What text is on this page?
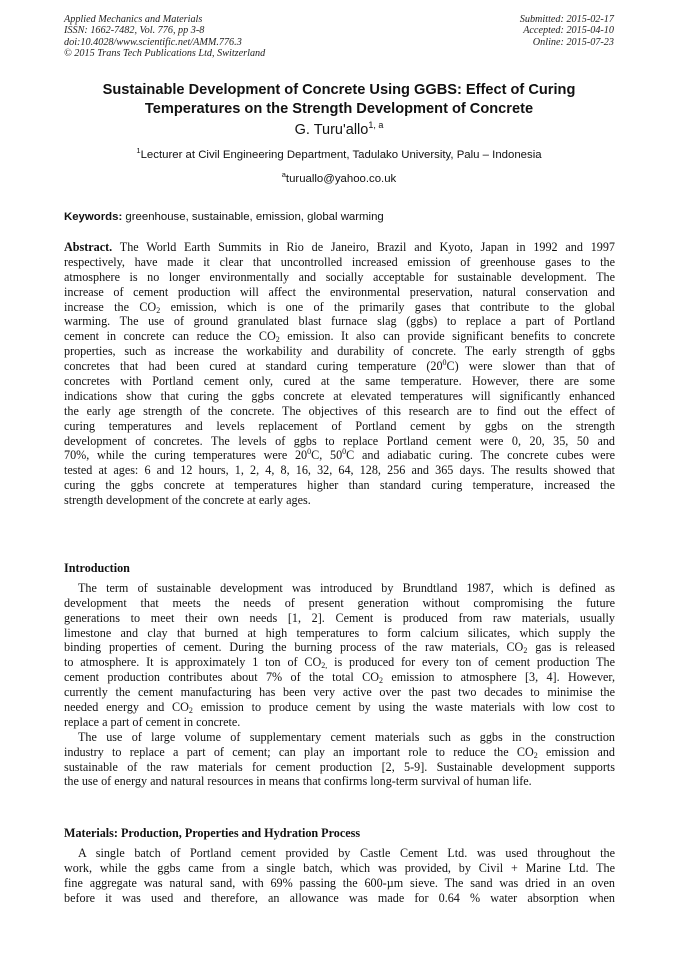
Applied Mechanics and Materials
ISSN: 1662-7482, Vol. 776, pp 3-8
doi:10.4028/www.scientific.net/AMM.776.3
© 2015 Trans Tech Publications Ltd, Switzerland
Submitted: 2015-02-17
Accepted: 2015-04-10
Online: 2015-07-23
Sustainable Development of Concrete Using GGBS: Effect of Curing
Temperatures on the Strength Development of Concrete
G. Turu'allo$^{1, a}$
$^1$Lecturer at Civil Engineering Department, Tadulako University, Palu – Indonesia
$^a$turuallo@yahoo.co.uk
Keywords: greenhouse, sustainable, emission, global warming
Abstract. The World Earth Summits in Rio de Janeiro, Brazil and Kyoto, Japan in 1992 and 1997
respectively, have made it clear that uncontrolled increased emission of greenhouse gases to the
atmosphere is no longer environmentally and socially acceptable for sustainable development. The
increase of cement production will affect the environmental preservation, natural conservation and
increase the $CO_2$ emission, which is one of the primarily gases that contribute to the global
warming. The use of ground granulated blast furnace slag (ggbs) to replace a part of Portland
cement in concrete can reduce the $CO_2$ emission. It also can provide significant benefits to concrete
properties, such as increase the workability and durability of concrete. The early strength of ggbs
concretes that had been cured at standard curing temperature $(20^0C)$ were slower than that of
concretes with Portland cement only, cured at the same temperature. However, there are some
indications show that curing the ggbs concrete at elevated temperatures will significantly enhanced
the early age strength of the concrete. The objectives of this research are to find out the effect of
curing temperatures and levels replacement of Portland cement by ggbs on the strength
development of concretes. The levels of ggbs to replace Portland cement were 0, 20, 35, 50 and
70%, while the curing temperatures were $20^0C$, $50^0C$ and adiabatic curing. The concrete cubes were
tested at ages: 6 and 12 hours, 1, 2, 4, 8, 16, 32, 64, 128, 256 and 365 days. The results showed that
curing the ggbs concrete at temperatures higher than standard curing temperature, increased the
strength development of the concrete at early ages.
Introduction
The term of sustainable development was introduced by Brundtland 1987, which is defined as
development that meets the needs of present generation without compromising the future
generations to meet their own needs [1, 2]. Cement is produced from raw materials, usually
limestone and clay that burned at high temperatures to form calcium silicates, which supply the
binding properties of cement. During the burning process of the raw materials, $CO_2$ gas is released
to atmosphere. It is approximately 1 ton of $CO_{2,}$ is produced for every ton of cement production The
cement production contributes about 7% of the total $CO_2$ emission to atmosphere [3, 4]. However,
currently the cement manufacturing has been very active over the past two decades to minimise the
needed energy and $CO_2$ emission to produce cement by using the waste materials with low cost to
replace a part of cement in concrete.
The use of large volume of supplementary cement materials such as ggbs in the construction
industry to replace a part of cement; can play an important role to reduce the $CO_2$ emission and
sustainable of the raw materials for cement production [2, 5-9]. Sustainable development supports
the use of energy and natural resources in means that confirms long-term survival of human life.
Materials: Production, Properties and Hydration Process
A single batch of Portland cement provided by Castle Cement Ltd. was used throughout the
work, while the ggbs came from a single batch, which was provided, by Civil + Marine Ltd. The
fine aggregate was natural sand, with 69% passing the 600-µm sieve. The sand was dried in an oven
before it was used and therefore, an allowance was made for 0.64 % water absorption when
